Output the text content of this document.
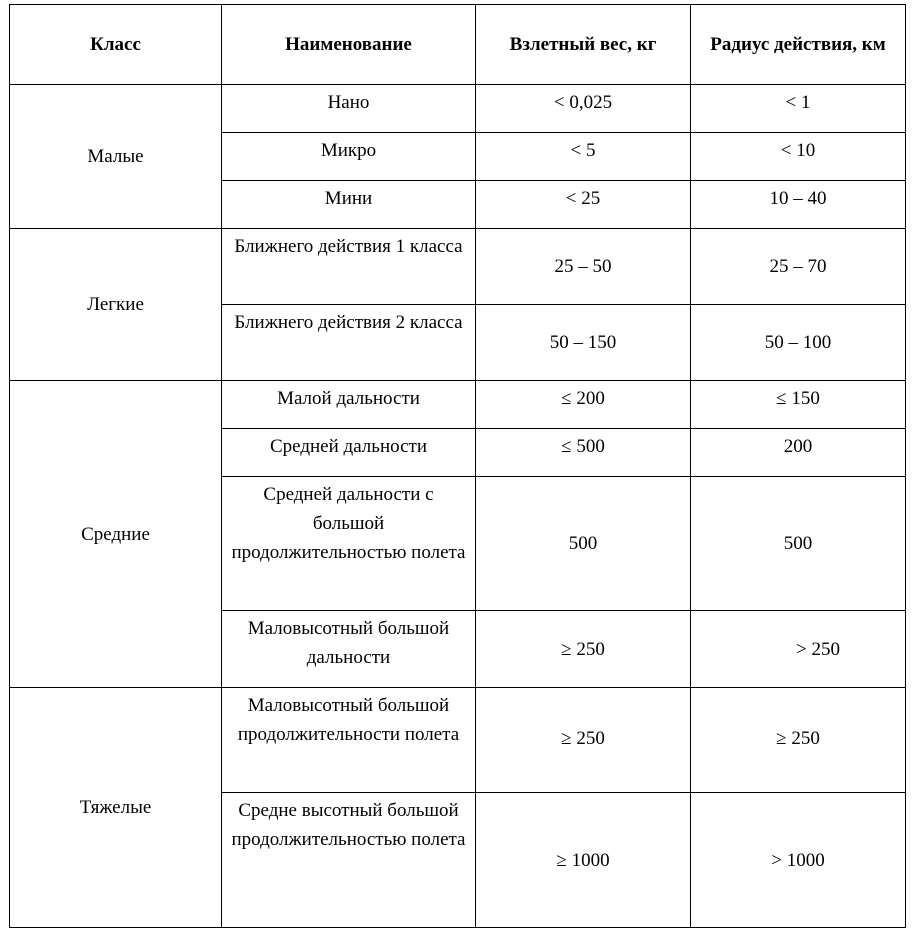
Класс	Наименование	Взлетный вес, кг	Радиус действия, км
Малые	Нано	< 0,025	< 1
	Микро	< 5	< 10
	Мини	< 25	10 – 40
Легкие	Ближнего действия 1 класса	25 – 50	25 – 70
	Ближнего действия 2 класса	50 – 150	50 – 100
Средние	Малой дальности	≤ 200	≤ 150
	Средней дальности	≤ 500	200
	Средней дальности с большой продолжительностью полета	500	500
	Маловысотный большой дальности	≥ 250	> 250
Тяжелые	Маловысотный большой продолжительности полета	≥ 250	≥ 250
	Средне высотный большой продолжительностью полета	≥ 1000	> 1000
